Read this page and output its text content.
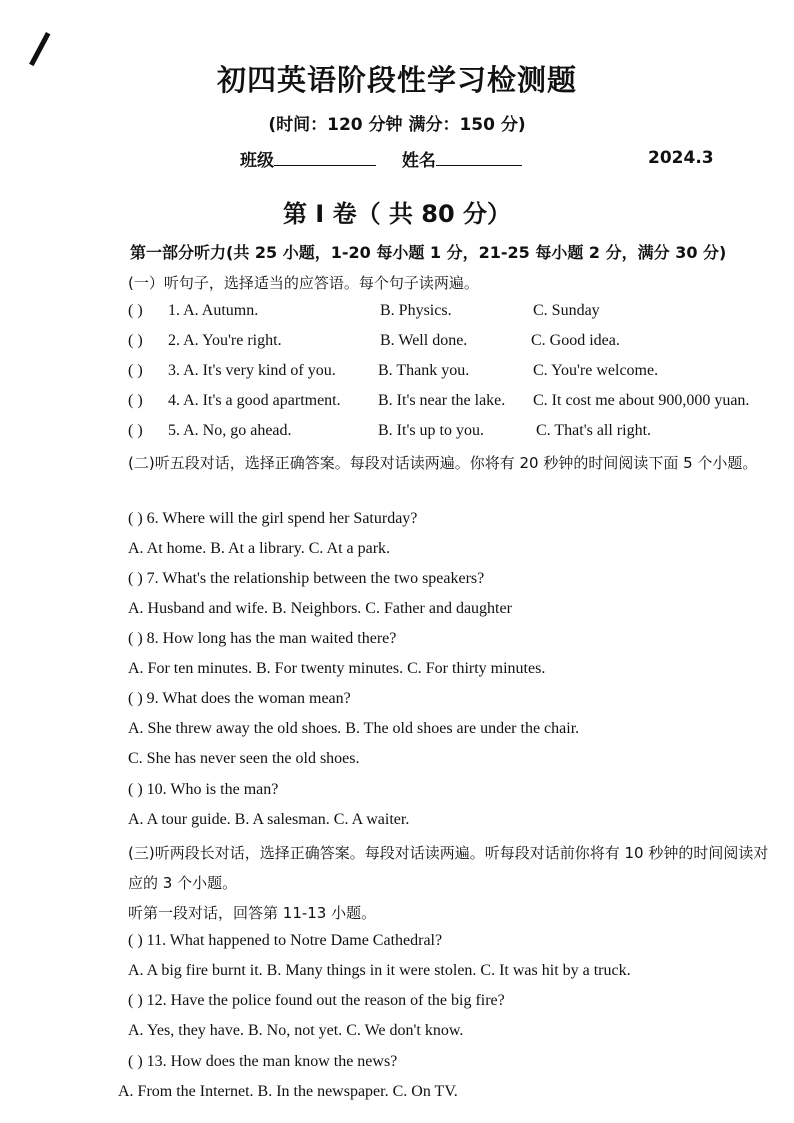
初四英语阶段性学习检测题
(时间：120 分钟 满分：150 分)
班级	姓名	2024.3
第 I 卷（ 共 80 分）
第一部分听力(共 25 小题，1-20 每小题 1 分，21-25 每小题 2 分，满分 30 分)
(一）听句子，选择适当的应答语。每个句子读两遍。
( ) 1. A. Autumn.	B. Physics.	C. Sunday
( ) 2. A. You're right.	B. Well done.	C. Good idea.
( ) 3. A. It's very kind of you.	B. Thank you.	C. You're welcome.
( ) 4. A. It's a good apartment. B. It's near the lake. C. It cost me about 900,000 yuan.
( ) 5. A. No, go ahead.	B. It's up to you.	C. That's all right.
(二)听五段对话，选择正确答案。每段对话读两遍。你将有 20 秒钟的时间阅读下面 5 个小题。
( ) 6. Where will the girl spend her Saturday?
A. At home. B. At a library. C. At a park.
( ) 7. What's the relationship between the two speakers?
A. Husband and wife. B. Neighbors. C. Father and daughter
( ) 8. How long has the man waited there?
A. For ten minutes. B. For twenty minutes. C. For thirty minutes.
( ) 9. What does the woman mean?
A. She threw away the old shoes. B. The old shoes are under the chair.
C. She has never seen the old shoes.
( ) 10. Who is the man?
A. A tour guide. B. A salesman. C. A waiter.
(三)听两段长对话，选择正确答案。每段对话读两遍。听每段对话前你将有 10 秒钟的时间阅读对应的 3 个小题。
听第一段对话，回答第 11-13 小题。
( ) 11. What happened to Notre Dame Cathedral?
A. A big fire burnt it. B. Many things in it were stolen. C. It was hit by a truck.
( ) 12. Have the police found out the reason of the big fire?
A. Yes, they have. B. No, not yet. C. We don't know.
( ) 13. How does the man know the news?
A. From the Internet. B. In the newspaper. C. On TV.
